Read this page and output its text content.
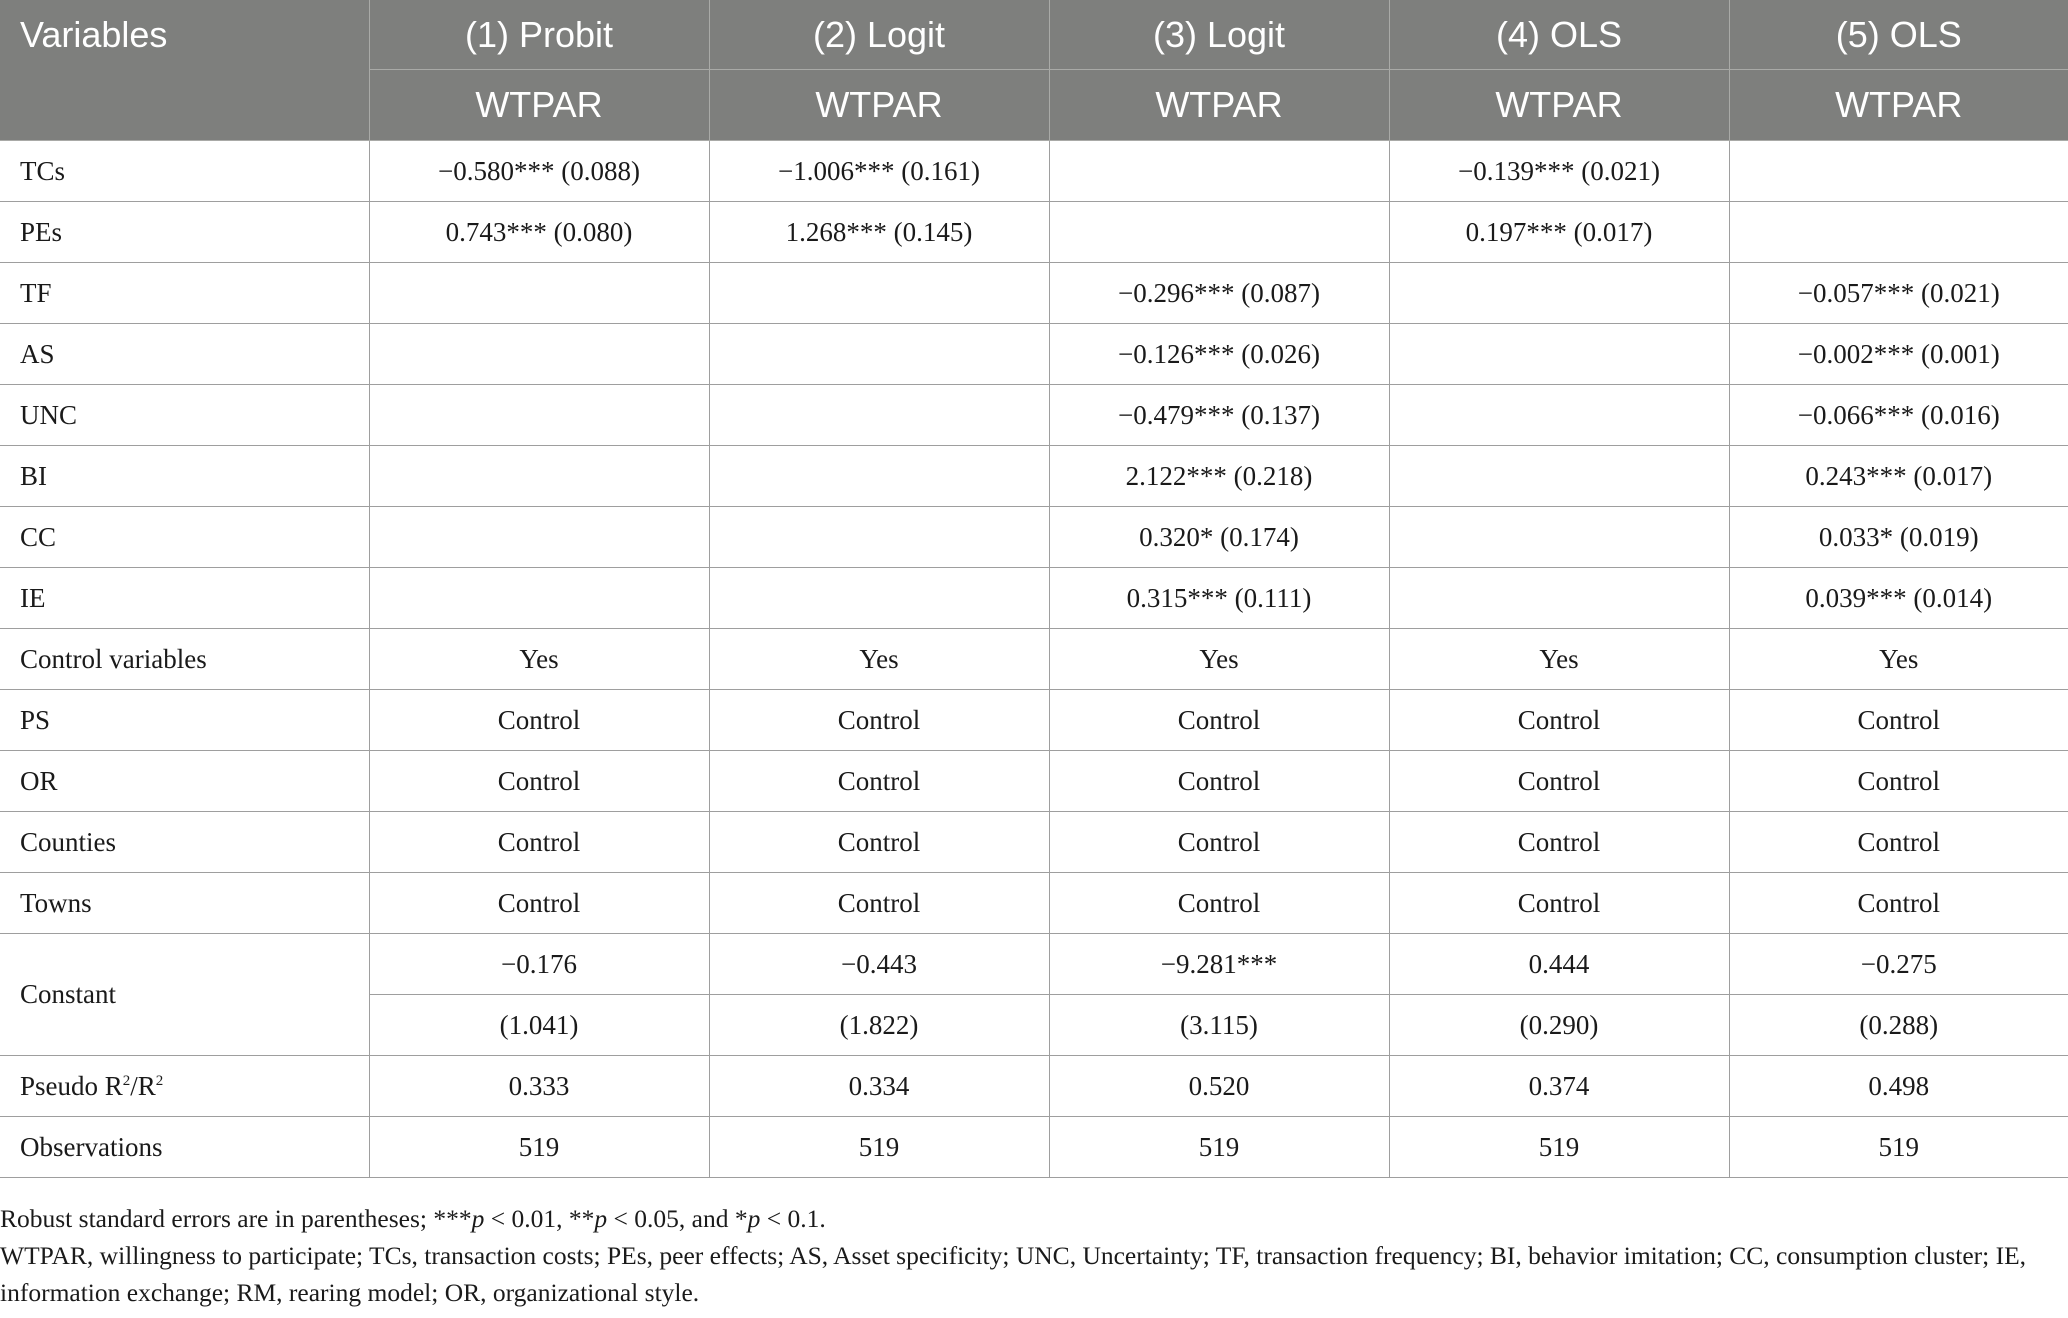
Variables	(1) Probit	(2) Logit	(3) Logit	(4) OLS	(5) OLS
	WTPAR	WTPAR	WTPAR	WTPAR	WTPAR
TCs	−0.580*** (0.088)	−1.006*** (0.161)		−0.139*** (0.021)	
PEs	0.743*** (0.080)	1.268*** (0.145)		0.197*** (0.017)	
TF			−0.296*** (0.087)		−0.057*** (0.021)
AS			−0.126*** (0.026)		−0.002*** (0.001)
UNC			−0.479*** (0.137)		−0.066*** (0.016)
BI			2.122*** (0.218)		0.243*** (0.017)
CC			0.320* (0.174)		0.033* (0.019)
IE			0.315*** (0.111)		0.039*** (0.014)
Control variables	Yes	Yes	Yes	Yes	Yes
PS	Control	Control	Control	Control	Control
OR	Control	Control	Control	Control	Control
Counties	Control	Control	Control	Control	Control
Towns	Control	Control	Control	Control	Control
Constant	−0.176	−0.443	−9.281***	0.444	−0.275
	(1.041)	(1.822)	(3.115)	(0.290)	(0.288)
Pseudo $R^2/R^2$	0.333	0.334	0.520	0.374	0.498
Observations	519	519	519	519	519

Robust standard errors are in parentheses; ***p < 0.01, **p < 0.05, and *p < 0.1.

WTPAR, willingness to participate; TCs, transaction costs; PEs, peer effects; AS, Asset specificity; UNC, Uncertainty; TF, transaction frequency; BI, behavior imitation; CC, consumption cluster; IE, information exchange; RM, rearing model; OR, organizational style.
